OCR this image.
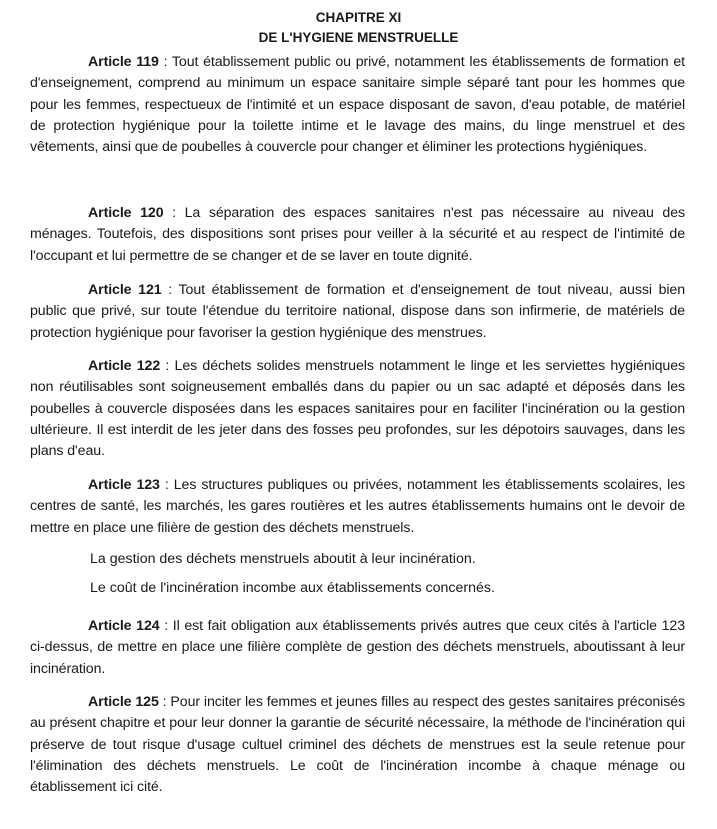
CHAPITRE XI
DE L'HYGIENE MENSTRUELLE

Article 119 : Tout établissement public ou privé, notamment les établissements de formation et d'enseignement, comprend au minimum un espace sanitaire simple séparé tant pour les hommes que pour les femmes, respectueux de l'intimité et un espace disposant de savon, d'eau potable, de matériel de protection hygiénique pour la toilette intime et le lavage des mains, du linge menstruel et des vêtements, ainsi que de poubelles à couvercle pour changer et éliminer les protections hygiéniques.

Article 120 : La séparation des espaces sanitaires n'est pas nécessaire au niveau des ménages. Toutefois, des dispositions sont prises pour veiller à la sécurité et au respect de l'intimité de l'occupant et lui permettre de se changer et de se laver en toute dignité.

Article 121 : Tout établissement de formation et d'enseignement de tout niveau, aussi bien public que privé, sur toute l'étendue du territoire national, dispose dans son infirmerie, de matériels de protection hygiénique pour favoriser la gestion hygiénique des menstrues.

Article 122 : Les déchets solides menstruels notamment le linge et les serviettes hygiéniques non réutilisables sont soigneusement emballés dans du papier ou un sac adapté et déposés dans les poubelles à couvercle disposées dans les espaces sanitaires pour en faciliter l'incinération ou la gestion ultérieure. Il est interdit de les jeter dans des fosses peu profondes, sur les dépotoirs sauvages, dans les plans d'eau.

Article 123 : Les structures publiques ou privées, notamment les établissements scolaires, les centres de santé, les marchés, les gares routières et les autres établissements humains ont le devoir de mettre en place une filière de gestion des déchets menstruels.

La gestion des déchets menstruels aboutit à leur incinération.
Le coût de l'incinération incombe aux établissements concernés.

Article 124 : Il est fait obligation aux établissements privés autres que ceux cités à l'article 123 ci-dessus, de mettre en place une filière complète de gestion des déchets menstruels, aboutissant à leur incinération.

Article 125 : Pour inciter les femmes et jeunes filles au respect des gestes sanitaires préconisés au présent chapitre et pour leur donner la garantie de sécurité nécessaire, la méthode de l'incinération qui préserve de tout risque d'usage cultuel criminel des déchets de menstrues est la seule retenue pour l'élimination des déchets menstruels. Le coût de l'incinération incombe à chaque ménage ou établissement ici cité.
